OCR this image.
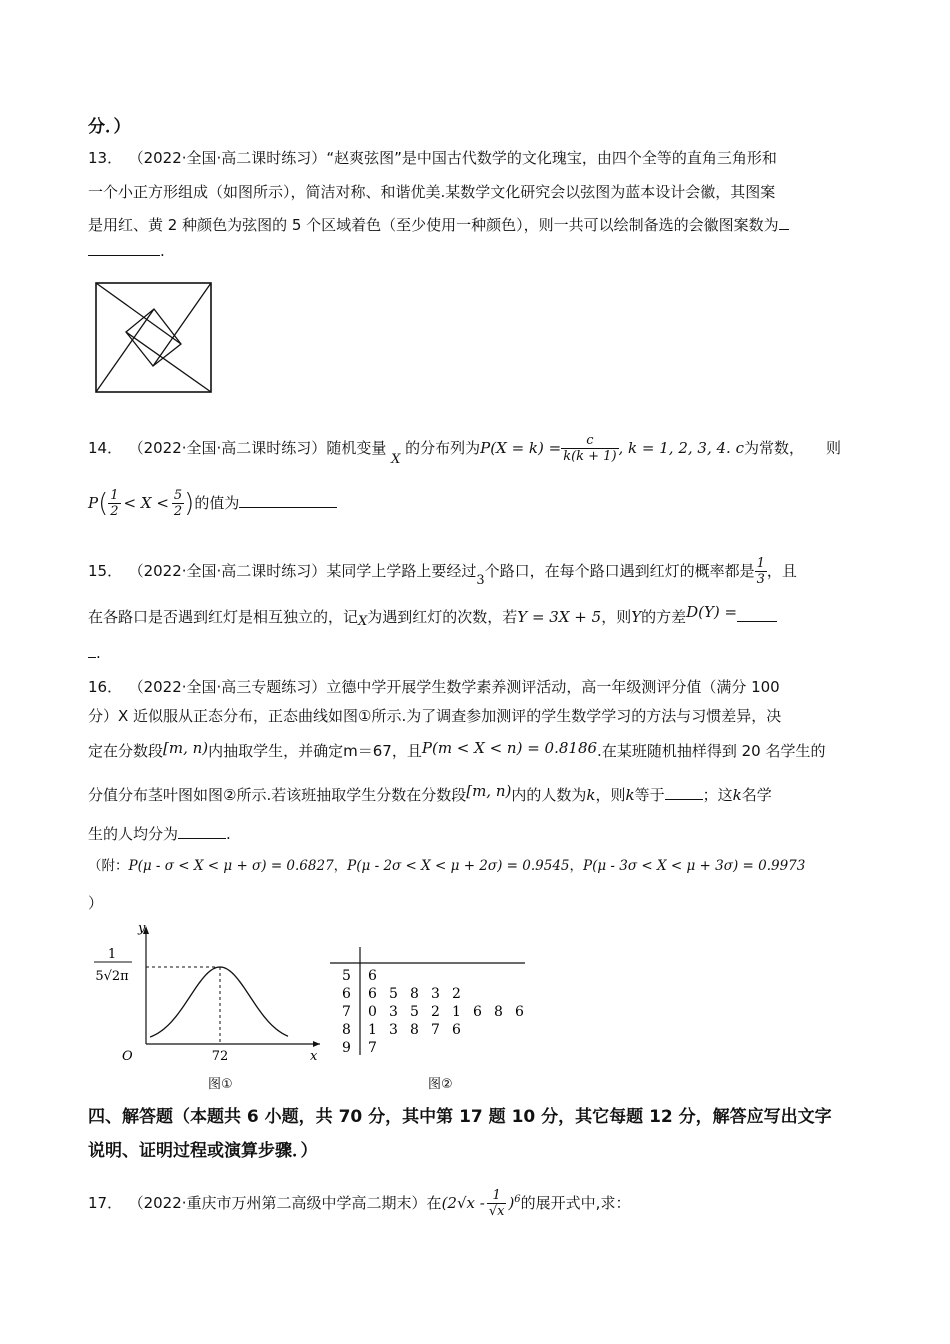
分．）
13． （2022·全国·高二课时练习）“赵爽弦图”是中国古代数学的文化瑰宝，由四个全等的直角三角形和
一个小正方形组成（如图所示），简洁对称、和谐优美.某数学文化研究会以弦图为蓝本设计会徽，其图案
是用红、黄 2 种颜色为弦图的 5 个区域着色（至少使用一种颜色），则一共可以绘制备选的会徽图案数为
.
14． （2022·全国·高二课时练习）随机变量 X 的分布列为$P(X = k) = \frac{c}{k(k + 1)}$ , k = 1, 2, 3, 4. c为常数， 则
$P( \frac{1}{2} < X < \frac{5}{2}$ )的值为
15． （2022·全国·高二课时练习）某同学上学路上要经过3个路口，在每个路口遇到红灯的概率都是 $\frac{1}{3}$ ，且
在各路口是否遇到红灯是相互独立的，记X为遇到红灯的次数，若Y = 3X + 5，则Y的方差D(Y) =
.
16． （2022·全国·高三专题练习）立德中学开展学生数学素养测评活动，高一年级测评分值（满分 100
分）X 近似服从正态分布，正态曲线如图①所示.为了调查参加测评的学生数学学习的方法与习惯差异，决
定在分数段[m, n)内抽取学生，并确定m＝67，且P(m < X < n) = 0.8186.在某班随机抽样得到 20 名学生的
分值分布茎叶图如图②所示.若该班抽取学生分数在分数段[m, n)内的人数为k，则k等于	；这k名学
生的人均分为	.
（附：P(μ - σ < X < μ + σ) = 0.6827，P(μ - 2σ < X < μ + 2σ) = 0.9545，P(μ - 3σ < X < μ + 3σ) = 0.9973
）
y
x
O
1
5√2π
72
图①
5 6
6 6 5 8 3 2
7 0 3 5 2 1 6 8 6
8 1 3 8 7 6
9 7
图②
四、解答题（本题共 6 小题，共 70 分，其中第 17 题 10 分，其它每题 12 分，解答应写出文字
说明、证明过程或演算步骤．）
17． （2022·重庆市万州第二高级中学高二期末）在$(2√x - \frac{1}{√x} )^6$的展开式中,求：
